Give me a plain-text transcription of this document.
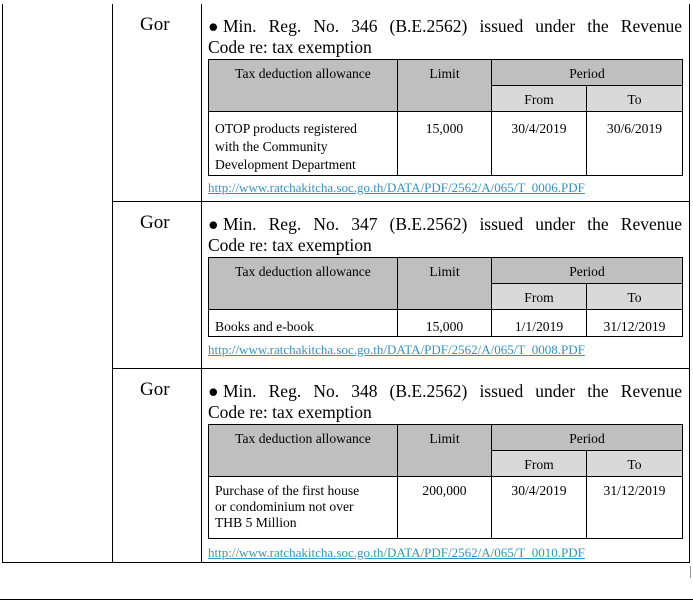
Gor ● Min. Reg. No. 346 (B.E.2562) issued under the Revenue
Code re: tax exemption
Tax deduction allowance	Limit	Period	
		From	To

OTOP products registered
with the Community
Development Department	15,000	30/4/2019	30/6/2019
http://www.ratchakitcha.soc.go.th/DATA/PDF/2562/A/065/T_0006.PDF
Gor ● Min. Reg. No. 347 (B.E.2562) issued under the Revenue
Code re: tax exemption
Tax deduction allowance	Limit	Period	
		From	To

Books and e-book	15,000	1/1/2019	31/12/2019
http://www.ratchakitcha.soc.go.th/DATA/PDF/2562/A/065/T_0008.PDF
Gor ● Min. Reg. No. 348 (B.E.2562) issued under the Revenue
Code re: tax exemption
Tax deduction allowance	Limit	Period	
		From	To

Purchase of the first house
or condominium not over
THB 5 Million	200,000	30/4/2019	31/12/2019
http://www.ratchakitcha.soc.go.th/DATA/PDF/2562/A/065/T_0010.PDF
